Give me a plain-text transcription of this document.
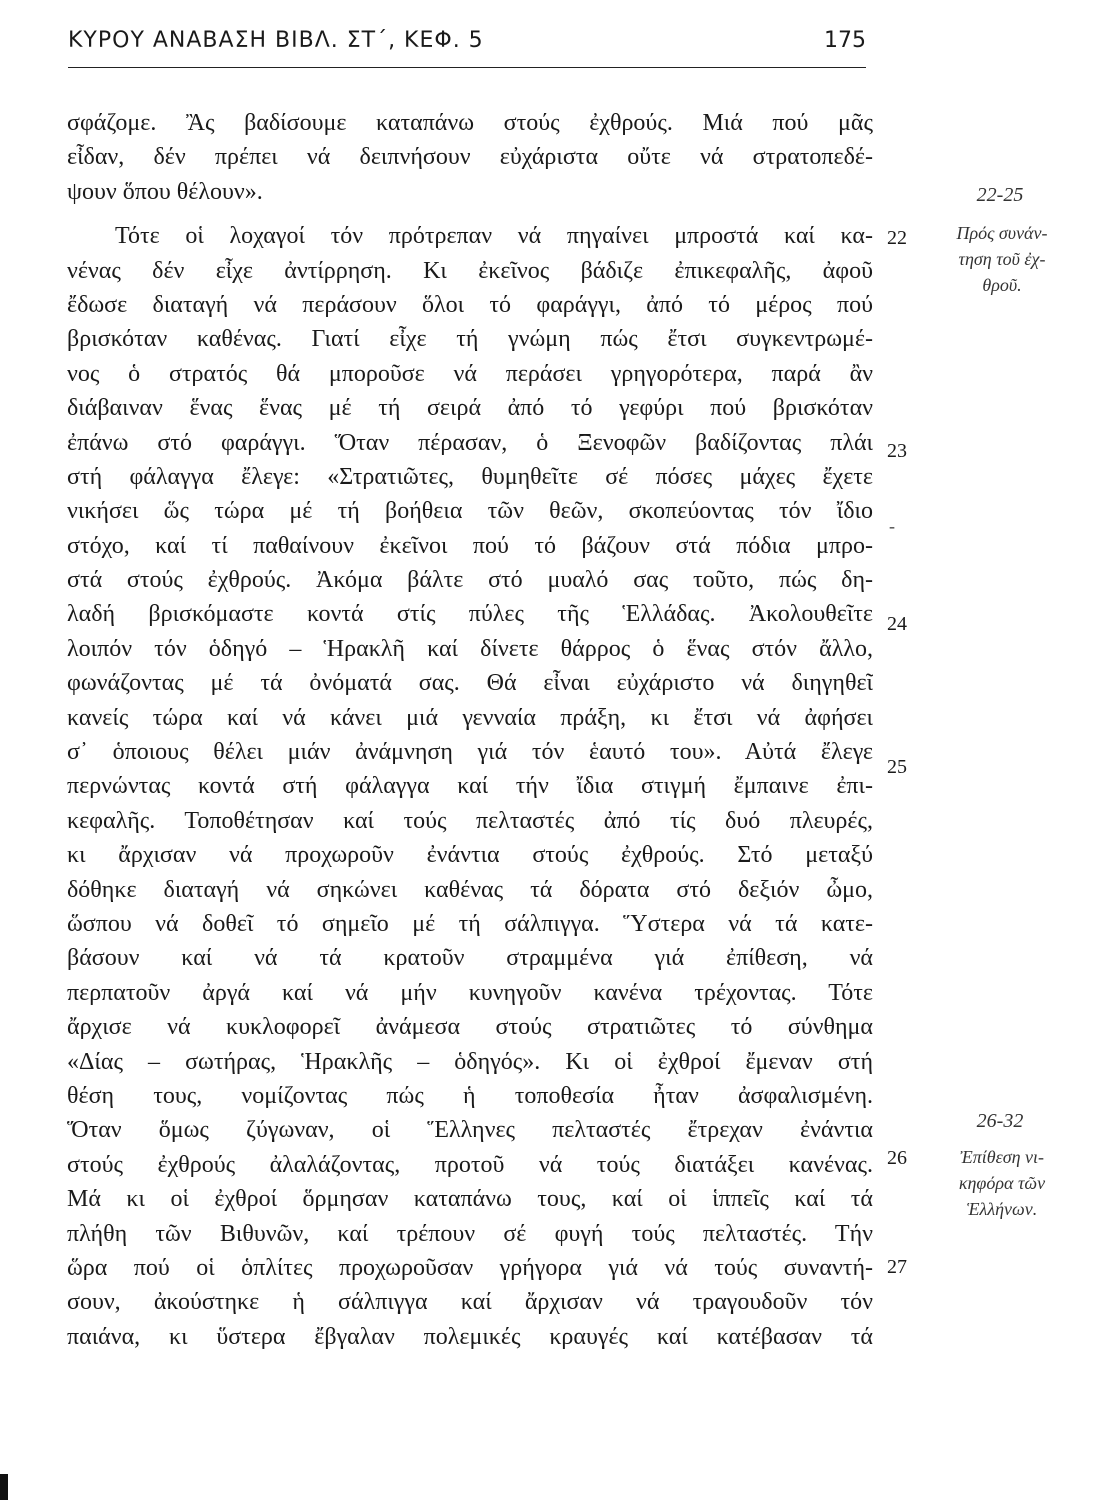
ΚΥΡΟΥ ΑΝΑΒΑΣΗ ΒΙΒΛ. ΣΤ΄, ΚΕΦ. 5	175
σφάζομε. Ἂς βαδίσουμε καταπάνω στούς ἐχθρούς. Μιά πού μᾶς
εἶδαν, δέν πρέπει νά δειπνήσουν εὐχάριστα οὔτε νά στρατοπεδέ-
ψουν ὅπου θέλουν».
Τότε οἱ λοχαγοί τόν πρότρεπαν νά πηγαίνει μπροστά καί κα-
νένας δέν εἶχε ἀντίρρηση. Κι ἐκεῖνος βάδιζε ἐπικεφαλῆς, ἀφοῦ
ἔδωσε διαταγή νά περάσουν ὅλοι τό φαράγγι, ἀπό τό μέρος πού
βρισκόταν καθένας. Γιατί εἶχε τή γνώμη πώς ἔτσι συγκεντρωμέ-
νος ὁ στρατός θά μποροῦσε νά περάσει γρηγορότερα, παρά ἂν
διάβαιναν ἕνας ἕνας μέ τή σειρά ἀπό τό γεφύρι πού βρισκόταν
ἐπάνω στό φαράγγι. Ὅταν πέρασαν, ὁ Ξενοφῶν βαδίζοντας πλάι
στή φάλαγγα ἔλεγε: «Στρατιῶτες, θυμηθεῖτε σέ πόσες μάχες ἔχετε
νικήσει ὥς τώρα μέ τή βοήθεια τῶν θεῶν, σκοπεύοντας τόν ἴδιο
στόχο, καί τί παθαίνουν ἐκεῖνοι πού τό βάζουν στά πόδια μπρο-
στά στούς ἐχθρούς. Ἀκόμα βάλτε στό μυαλό σας τοῦτο, πώς δη-
λαδή βρισκόμαστε κοντά στίς πύλες τῆς Ἑλλάδας. Ἀκολουθεῖτε
λοιπόν τόν ὁδηγό – Ἡρακλῆ καί δίνετε θάρρος ὁ ἕνας στόν ἄλλο,
φωνάζοντας μέ τά ὀνόματά σας. Θά εἶναι εὐχάριστο νά διηγηθεῖ
κανείς τώρα καί νά κάνει μιά γενναία πράξη, κι ἔτσι νά ἀφήσει
σ᾽ ὁποιους θέλει μιάν ἀνάμνηση γιά τόν ἑαυτό του». Αὐτά ἔλεγε
περνώντας κοντά στή φάλαγγα καί τήν ἴδια στιγμή ἔμπαινε ἐπι-
κεφαλῆς. Τοποθέτησαν καί τούς πελταστές ἀπό τίς δυό πλευρές,
κι ἄρχισαν νά προχωροῦν ἐνάντια στούς ἐχθρούς. Στό μεταξύ
δόθηκε διαταγή νά σηκώνει καθένας τά δόρατα στό δεξιόν ὦμο,
ὥσπου νά δοθεῖ τό σημεῖο μέ τή σάλπιγγα. Ὕστερα νά τά κατε-
βάσουν καί νά τά κρατοῦν στραμμένα γιά ἐπίθεση, νά
περπατοῦν ἀργά καί νά μήν κυνηγοῦν κανένα τρέχοντας. Τότε
ἄρχισε νά κυκλοφορεῖ ἀνάμεσα στούς στρατιῶτες τό σύνθημα
«Δίας – σωτήρας, Ἡρακλῆς – ὁδηγός». Κι οἱ ἐχθροί ἔμεναν στή
θέση τους, νομίζοντας πώς ἡ τοποθεσία ἦταν ἀσφαλισμένη.
Ὅταν ὅμως ζύγωναν, οἱ Ἕλληνες πελταστές ἔτρεχαν ἐνάντια
στούς ἐχθρούς ἀλαλάζοντας, προτοῦ νά τούς διατάξει κανένας.
Μά κι οἱ ἐχθροί ὅρμησαν καταπάνω τους, καί οἱ ἱππεῖς καί τά
πλήθη τῶν Βιθυνῶν, καί τρέπουν σέ φυγή τούς πελταστές. Τήν
ὥρα πού οἱ ὁπλίτες προχωροῦσαν γρήγορα γιά νά τούς συναντή-
σουν, ἀκούστηκε ἡ σάλπιγγα καί ἄρχισαν νά τραγουδοῦν τόν
παιάνα, κι ὕστερα ἔβγαλαν πολεμικές κραυγές καί κατέβασαν τά
22
23
24
25
26
27
22-25
Πρός συνάν-
τηση τοῦ ἐχ-
θροῦ.
26-32
Ἐπίθεση νι-
κηφόρα τῶν
Ἑλλήνων.
-
